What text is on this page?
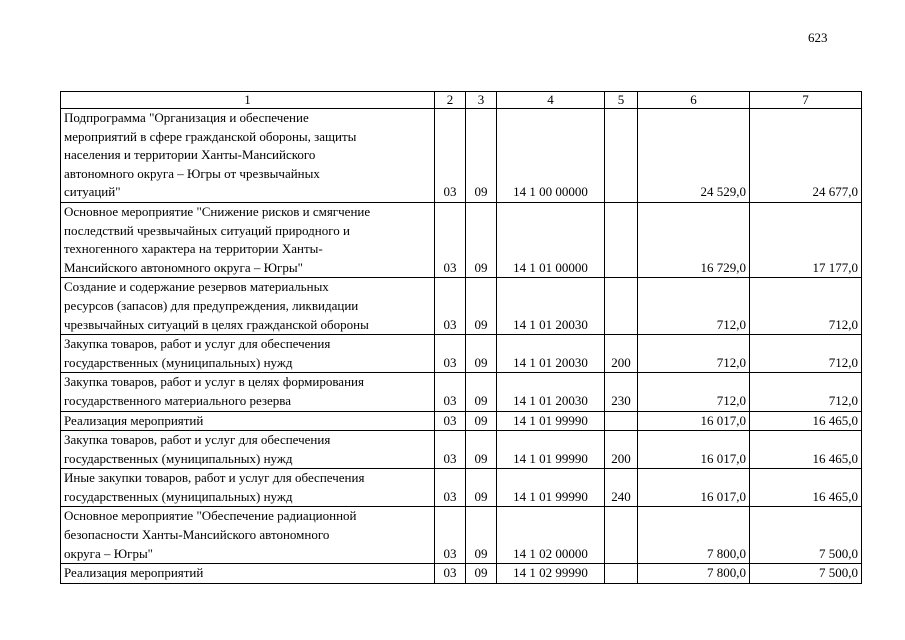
623
1	2	3	4	5	6	7

Подпрограмма "Организация и обеспечение
мероприятий в сфере гражданской обороны, защиты
населения и территории Ханты-Мансийского
автономного округа – Югры от чрезвычайных
ситуаций"	03	09	14 1 00 00000		24 529,0	24 677,0

Основное мероприятие "Снижение рисков и смягчение
последствий чрезвычайных ситуаций природного и
техногенного характера на территории Ханты-
Мансийского автономного округа – Югры"	03	09	14 1 01 00000		16 729,0	17 177,0

Создание и содержание резервов материальных
ресурсов (запасов) для предупреждения, ликвидации
чрезвычайных ситуаций в целях гражданской обороны	03	09	14 1 01 20030		712,0	712,0

Закупка товаров, работ и услуг для обеспечения
государственных (муниципальных) нужд	03	09	14 1 01 20030	200	712,0	712,0

Закупка товаров, работ и услуг в целях формирования
государственного материального резерва	03	09	14 1 01 20030	230	712,0	712,0

Реализация мероприятий	03	09	14 1 01 99990		16 017,0	16 465,0

Закупка товаров, работ и услуг для обеспечения
государственных (муниципальных) нужд	03	09	14 1 01 99990	200	16 017,0	16 465,0

Иные закупки товаров, работ и услуг для обеспечения
государственных (муниципальных) нужд	03	09	14 1 01 99990	240	16 017,0	16 465,0

Основное мероприятие "Обеспечение радиационной
безопасности Ханты-Мансийского автономного
округа – Югры"	03	09	14 1 02 00000		7 800,0	7 500,0

Реализация мероприятий	03	09	14 1 02 99990		7 800,0	7 500,0
